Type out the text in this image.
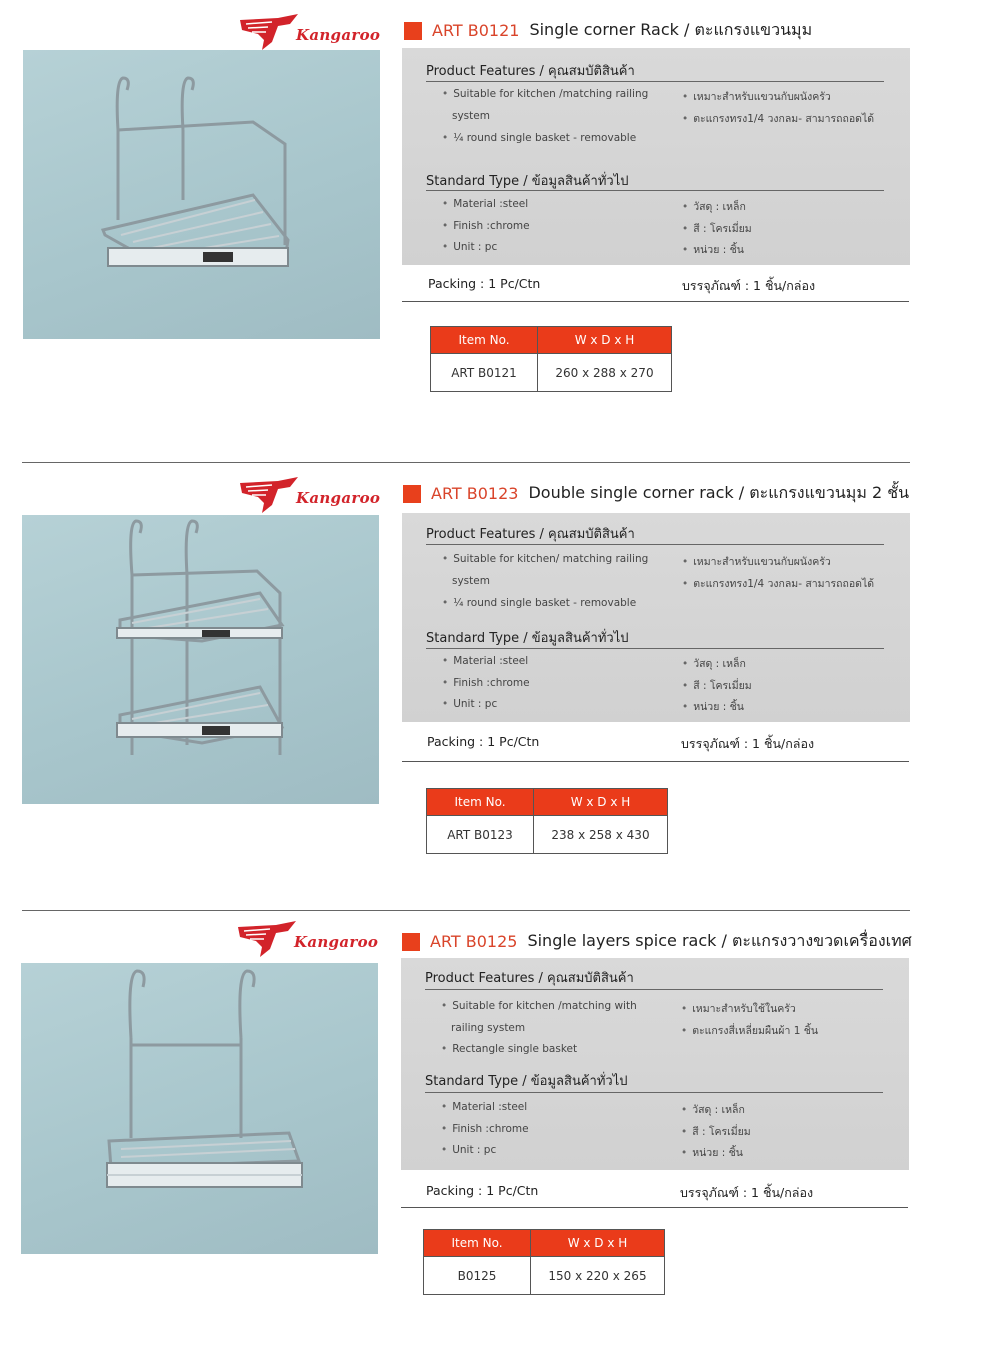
Kangaroo	ART B0121 Single corner Rack / ตะแกรงแขวนมุม
Product Features / คุณสมบัติสินค้า
• Suitable for kitchen /matching railing
system
• ¼ round single basket - removable
• เหมาะสำหรับแขวนกับผนังครัว
• ตะแกรงทรง1/4 วงกลม- สามารถถอดได้
Standard Type / ข้อมูลสินค้าทั่วไป
• Material :steel
• Finish :chrome
• Unit : pc
• วัสดุ : เหล็ก
• สี : โครเมี่ยม
• หน่วย : ชิ้น
Packing : 1 Pc/Ctn	บรรจุภัณฑ์ : 1 ชิ้น/กล่อง
Item No.	W x D x H
ART B0121	260 x 288 x 270
Kangaroo	ART B0123 Double single corner rack / ตะแกรงแขวนมุม 2 ชั้น
Product Features / คุณสมบัติสินค้า
• Suitable for kitchen/ matching railing
system
• ¼ round single basket - removable
• เหมาะสำหรับแขวนกับผนังครัว
• ตะแกรงทรง1/4 วงกลม- สามารถถอดได้
Standard Type / ข้อมูลสินค้าทั่วไป
• Material :steel
• Finish :chrome
• Unit : pc
• วัสดุ : เหล็ก
• สี : โครเมี่ยม
• หน่วย : ชิ้น
Packing : 1 Pc/Ctn	บรรจุภัณฑ์ : 1 ชิ้น/กล่อง
Item No.	W x D x H
ART B0123	238 x 258 x 430
Kangaroo	ART B0125 Single layers spice rack / ตะแกรงวางขวดเครื่องเทศ
Product Features / คุณสมบัติสินค้า
• Suitable for kitchen /matching with
railing system
• Rectangle single basket
• เหมาะสำหรับใช้ในครัว
• ตะแกรงสี่เหลี่ยมผืนผ้า 1 ชิ้น
Standard Type / ข้อมูลสินค้าทั่วไป
• Material :steel
• Finish :chrome
• Unit : pc
• วัสดุ : เหล็ก
• สี : โครเมี่ยม
• หน่วย : ชิ้น
Packing : 1 Pc/Ctn	บรรจุภัณฑ์ : 1 ชิ้น/กล่อง
Item No.	W x D x H
B0125	150 x 220 x 265
